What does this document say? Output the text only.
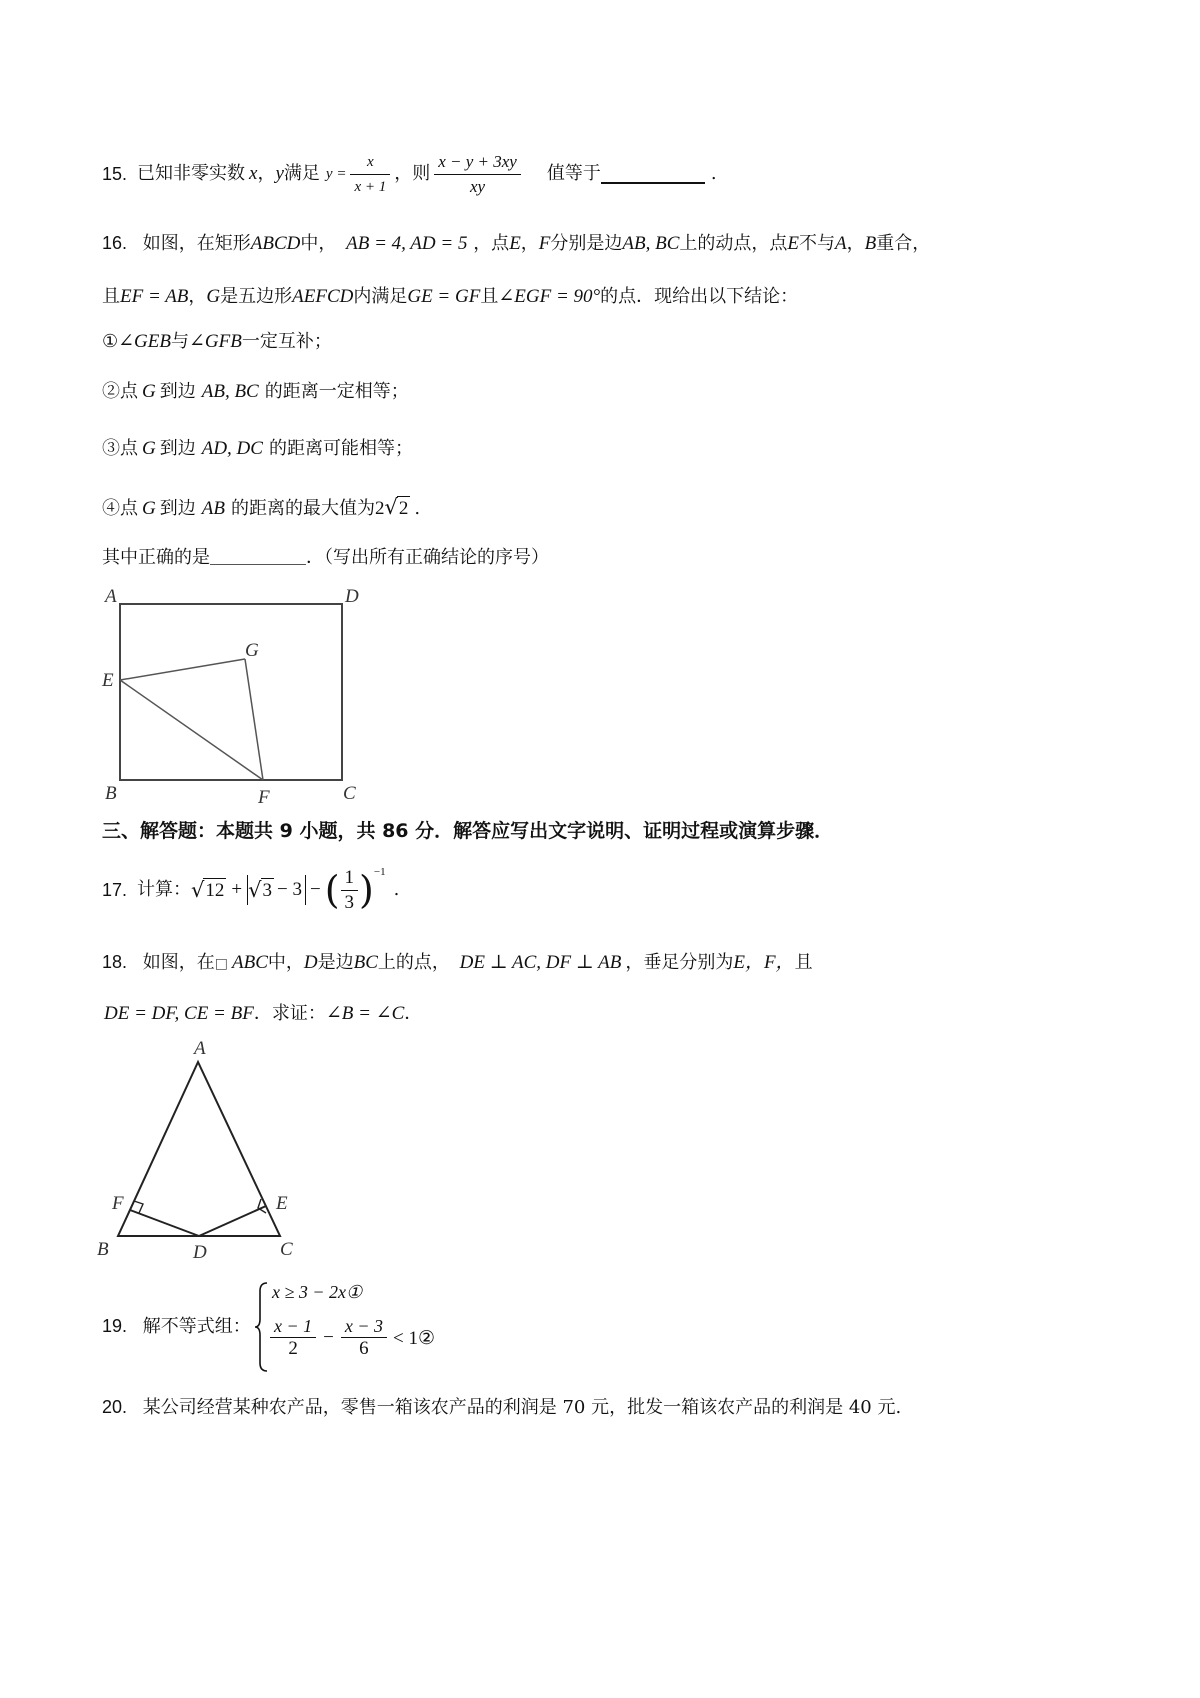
15. 已知非零实数 x ， y 满足 $y = \frac{x}{x + 1}$ ，则 $\frac{x - y + 3xy}{xy}$ 值等于	.
16. 如图，在矩形ABCD中， AB = 4, AD = 5 ，点E，F分别是边AB, BC上的动点，点E不与A，B重合，
且EF = AB，G是五边形AEFCD内满足GE = GF且∠EGF = 90°的点．现给出以下结论：
①∠GEB与∠GFB一定互补；
②点 G 到边 AB, BC 的距离一定相等；
③点 G 到边 AD, DC 的距离可能相等；
④点 G 到边 AB 的距离的最大值为2√2 .
其中正确的是	．（写出所有正确结论的序号）
A	D
G
E
B	F	C
三、解答题：本题共 9 小题，共 86 分．解答应写出文字说明、证明过程或演算步骤．
17. 计算： √ 12 + √ 3 − 3 − ( $\frac{1}{3}$ ) −1
.
18. 如图，在□ ABC中，D是边BC上的点， DE ⊥ AC, DF ⊥ AB ，垂足分别为E，F，且
DE = DF, CE = BF．求证：∠B = ∠C．
A
F	E
B	D	C
19. 解不等式组：
x ≥ 3 − 2x①
$\frac{x - 1}{2} - \frac{x - 3}{6}$ < 1②
20. 某公司经营某种农产品，零售一箱该农产品的利润是 70 元，批发一箱该农产品的利润是 40 元.
